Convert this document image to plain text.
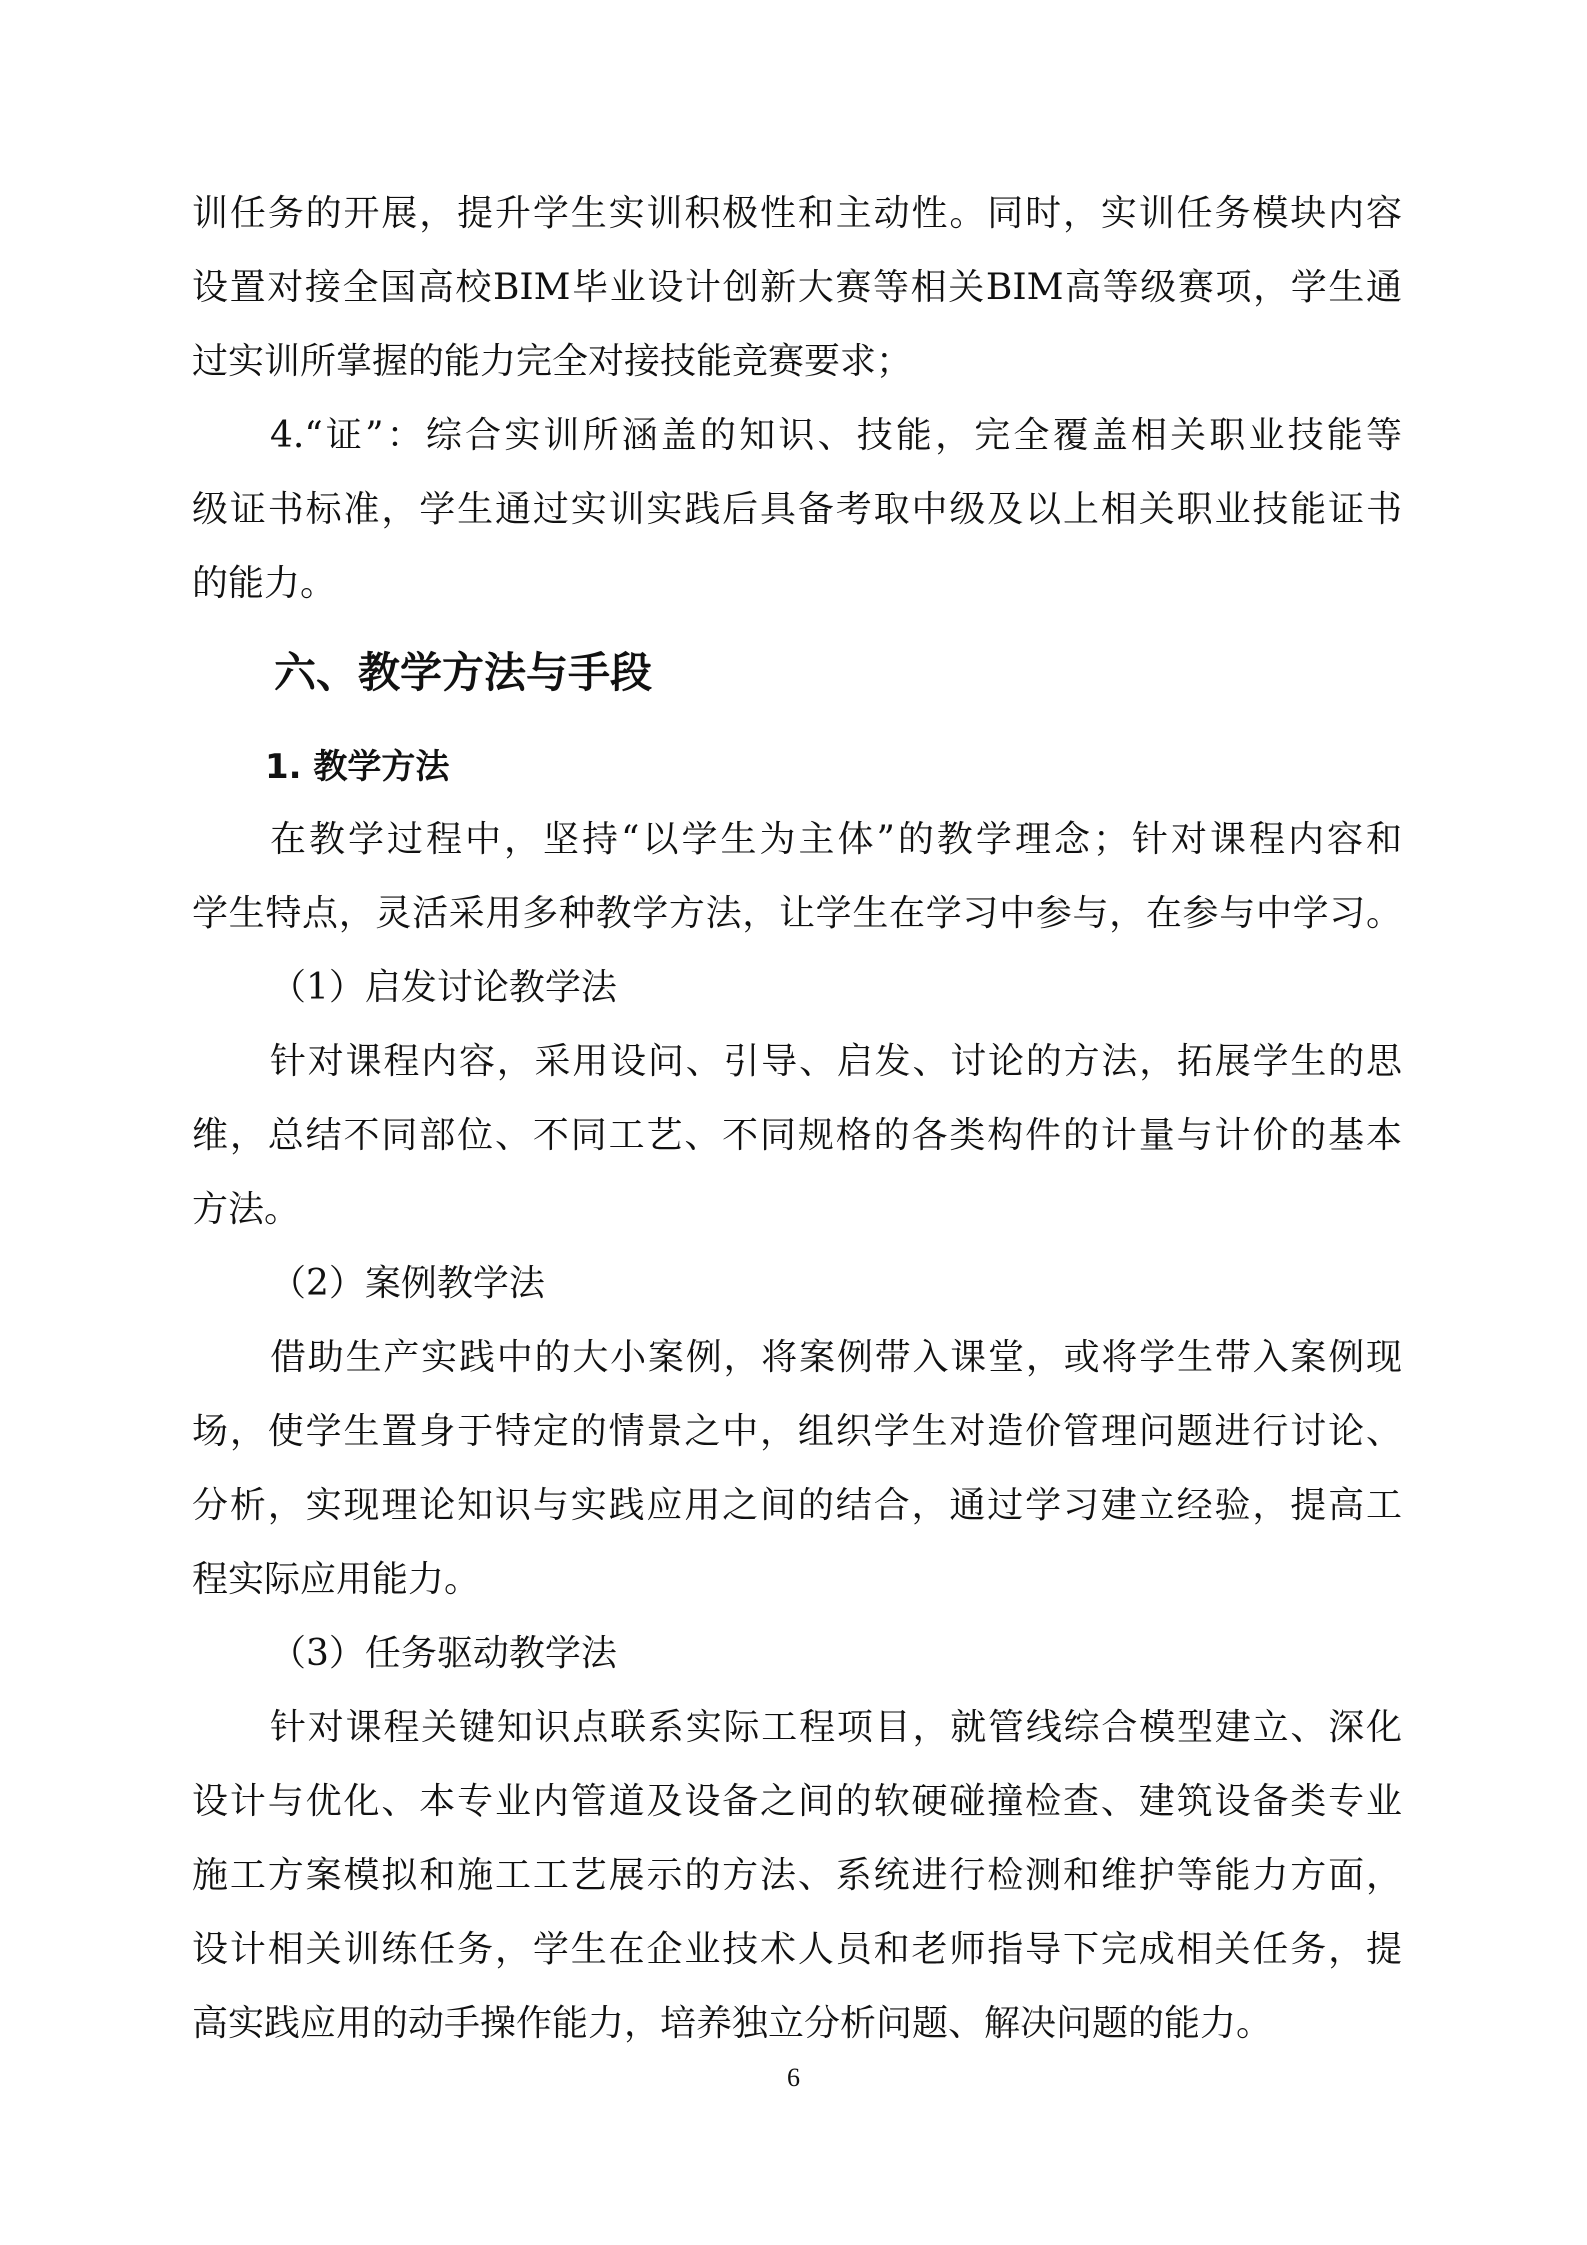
训任务的开展，提升学生实训积极性和主动性。同时，实训任务模块内容
设置对接全国高校BIM毕业设计创新大赛等相关BIM高等级赛项，学生通
过实训所掌握的能力完全对接技能竞赛要求；
4.“证”：综合实训所涵盖的知识、技能，完全覆盖相关职业技能等
级证书标准，学生通过实训实践后具备考取中级及以上相关职业技能证书
的能力。
六、教学方法与手段
1. 教学方法
在教学过程中，坚持“以学生为主体”的教学理念；针对课程内容和
学生特点，灵活采用多种教学方法，让学生在学习中参与，在参与中学习。
（1）启发讨论教学法
针对课程内容，采用设问、引导、启发、讨论的方法，拓展学生的思
维，总结不同部位、不同工艺、不同规格的各类构件的计量与计价的基本
方法。
（2）案例教学法
借助生产实践中的大小案例，将案例带入课堂，或将学生带入案例现
场，使学生置身于特定的情景之中，组织学生对造价管理问题进行讨论、
分析，实现理论知识与实践应用之间的结合，通过学习建立经验，提高工
程实际应用能力。
（3）任务驱动教学法
针对课程关键知识点联系实际工程项目，就管线综合模型建立、深化
设计与优化、本专业内管道及设备之间的软硬碰撞检查、建筑设备类专业
施工方案模拟和施工工艺展示的方法、系统进行检测和维护等能力方面，
设计相关训练任务，学生在企业技术人员和老师指导下完成相关任务，提
高实践应用的动手操作能力，培养独立分析问题、解决问题的能力。
6
